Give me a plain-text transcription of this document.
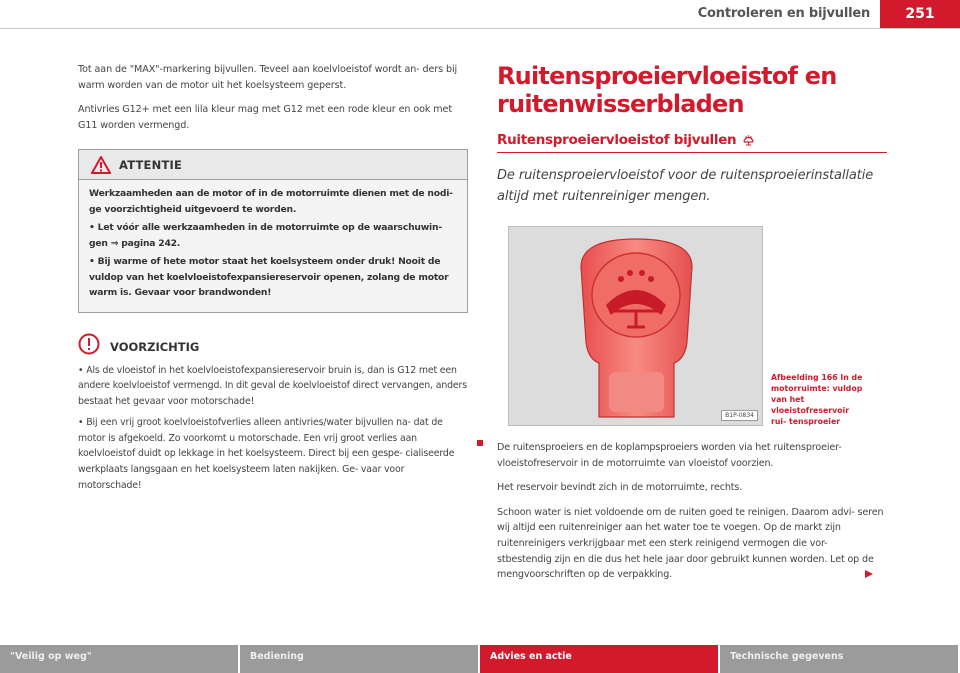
Controleren en bijvullen	251

Tot aan de "MAX"-markering bijvullen. Teveel aan koelvloeistof wordt an- ders bij warm worden van de motor uit het koelsysteem geperst.

Antivries G12+ met een lila kleur mag met G12 met een rode kleur en ook met G11 worden vermengd.

ATTENTIE

Werkzaamheden aan de motor of in de motorruimte dienen met de nodi- ge voorzichtigheid uitgevoerd te worden.

• Let vóór alle werkzaamheden in de motorruimte op de waarschuwin- gen ⇒ pagina 242.

• Bij warme of hete motor staat het koelsysteem onder druk! Nooit de vuldop van het koelvloeistofexpansiereservoir openen, zolang de motor warm is. Gevaar voor brandwonden!

VOORZICHTIG

• Als de vloeistof in het koelvloeistofexpansiereservoir bruin is, dan is G12 met een andere koelvloeistof vermengd. In dit geval de koelvloeistof direct vervangen, anders bestaat het gevaar voor motorschade!

• Bij een vrij groot koelvloeistofverlies alleen antivries/water bijvullen na- dat de motor is afgekoeld. Zo voorkomt u motorschade. Een vrij groot verlies aan koelvloeistof duidt op lekkage in het koelsysteem. Direct bij een gespe- cialiseerde werkplaats langsgaan en het koelsysteem laten nakijken. Ge- vaar voor motorschade!

Ruitensproeiervloeistof en ruitenwisserbladen
Ruitensproeiervloeistof bijvullen

De ruitensproeiervloeistof voor de ruitensproeierinstallatie altijd met ruitenreiniger mengen.

B1P-0834
Afbeelding 166 In de motorruimte: vuldop van het vloeistofreservoir rui- tensproeier

De ruitensproeiers en de koplampsproeiers worden via het ruitensproeier- vloeistofreservoir in de motorruimte van vloeistof voorzien.

Het reservoir bevindt zich in de motorruimte, rechts.

Schoon water is niet voldoende om de ruiten goed te reinigen. Daarom advi- seren wij altijd een ruitenreiniger aan het water toe te voegen. Op de markt zijn ruitenreinigers verkrijgbaar met een sterk reinigend vermogen die vor- stbestendig zijn en die dus het hele jaar door gebruikt kunnen worden. Let op de mengvoorschriften op de verpakking.

"Veilig op weg"	Bediening	Advies en actie	Technische gegevens
